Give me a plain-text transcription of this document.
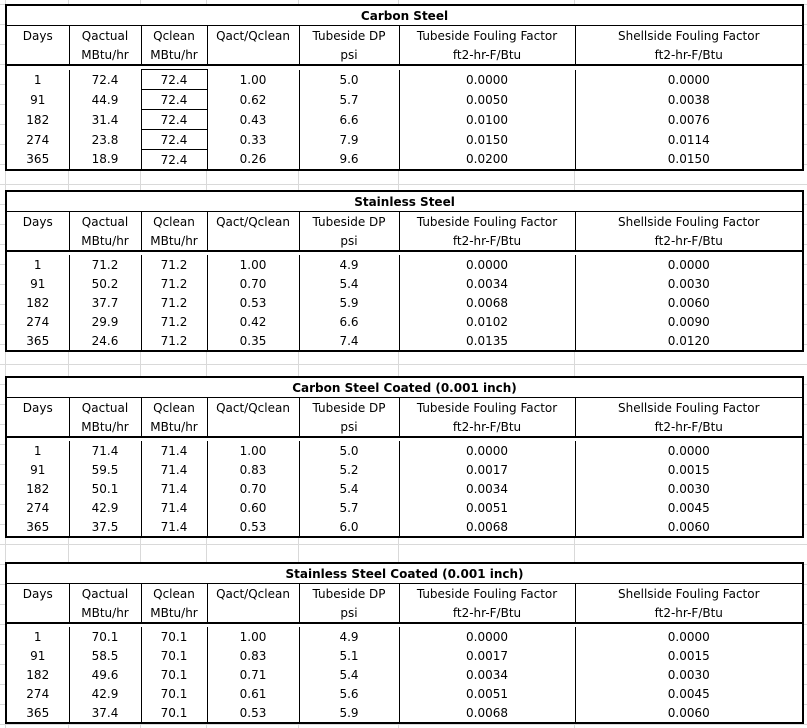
Carbon Steel						
Days	Qactual	Qclean	Qact/Qclean	Tubeside DP	Tubeside Fouling Factor	Shellside Fouling Factor
	MBtu/hr	MBtu/hr		psi	ft2-hr-F/Btu	ft2-hr-F/Btu

1	72.4	72.4	1.00	5.0	0.0000	0.0000
91	44.9	72.4	0.62	5.7	0.0050	0.0038
182	31.4	72.4	0.43	6.6	0.0100	0.0076
274	23.8	72.4	0.33	7.9	0.0150	0.0114
365	18.9	72.4	0.26	9.6	0.0200	0.0150
Stainless Steel						
Days	Qactual	Qclean	Qact/Qclean	Tubeside DP	Tubeside Fouling Factor	Shellside Fouling Factor
	MBtu/hr	MBtu/hr		psi	ft2-hr-F/Btu	ft2-hr-F/Btu

1	71.2	71.2	1.00	4.9	0.0000	0.0000
91	50.2	71.2	0.70	5.4	0.0034	0.0030
182	37.7	71.2	0.53	5.9	0.0068	0.0060
274	29.9	71.2	0.42	6.6	0.0102	0.0090
365	24.6	71.2	0.35	7.4	0.0135	0.0120
Carbon Steel Coated (0.001 inch)						
Days	Qactual	Qclean	Qact/Qclean	Tubeside DP	Tubeside Fouling Factor	Shellside Fouling Factor
	MBtu/hr	MBtu/hr		psi	ft2-hr-F/Btu	ft2-hr-F/Btu

1	71.4	71.4	1.00	5.0	0.0000	0.0000
91	59.5	71.4	0.83	5.2	0.0017	0.0015
182	50.1	71.4	0.70	5.4	0.0034	0.0030
274	42.9	71.4	0.60	5.7	0.0051	0.0045
365	37.5	71.4	0.53	6.0	0.0068	0.0060
Stainless Steel Coated (0.001 inch)						
Days	Qactual	Qclean	Qact/Qclean	Tubeside DP	Tubeside Fouling Factor	Shellside Fouling Factor
	MBtu/hr	MBtu/hr		psi	ft2-hr-F/Btu	ft2-hr-F/Btu

1	70.1	70.1	1.00	4.9	0.0000	0.0000
91	58.5	70.1	0.83	5.1	0.0017	0.0015
182	49.6	70.1	0.71	5.4	0.0034	0.0030
274	42.9	70.1	0.61	5.6	0.0051	0.0045
365	37.4	70.1	0.53	5.9	0.0068	0.0060
